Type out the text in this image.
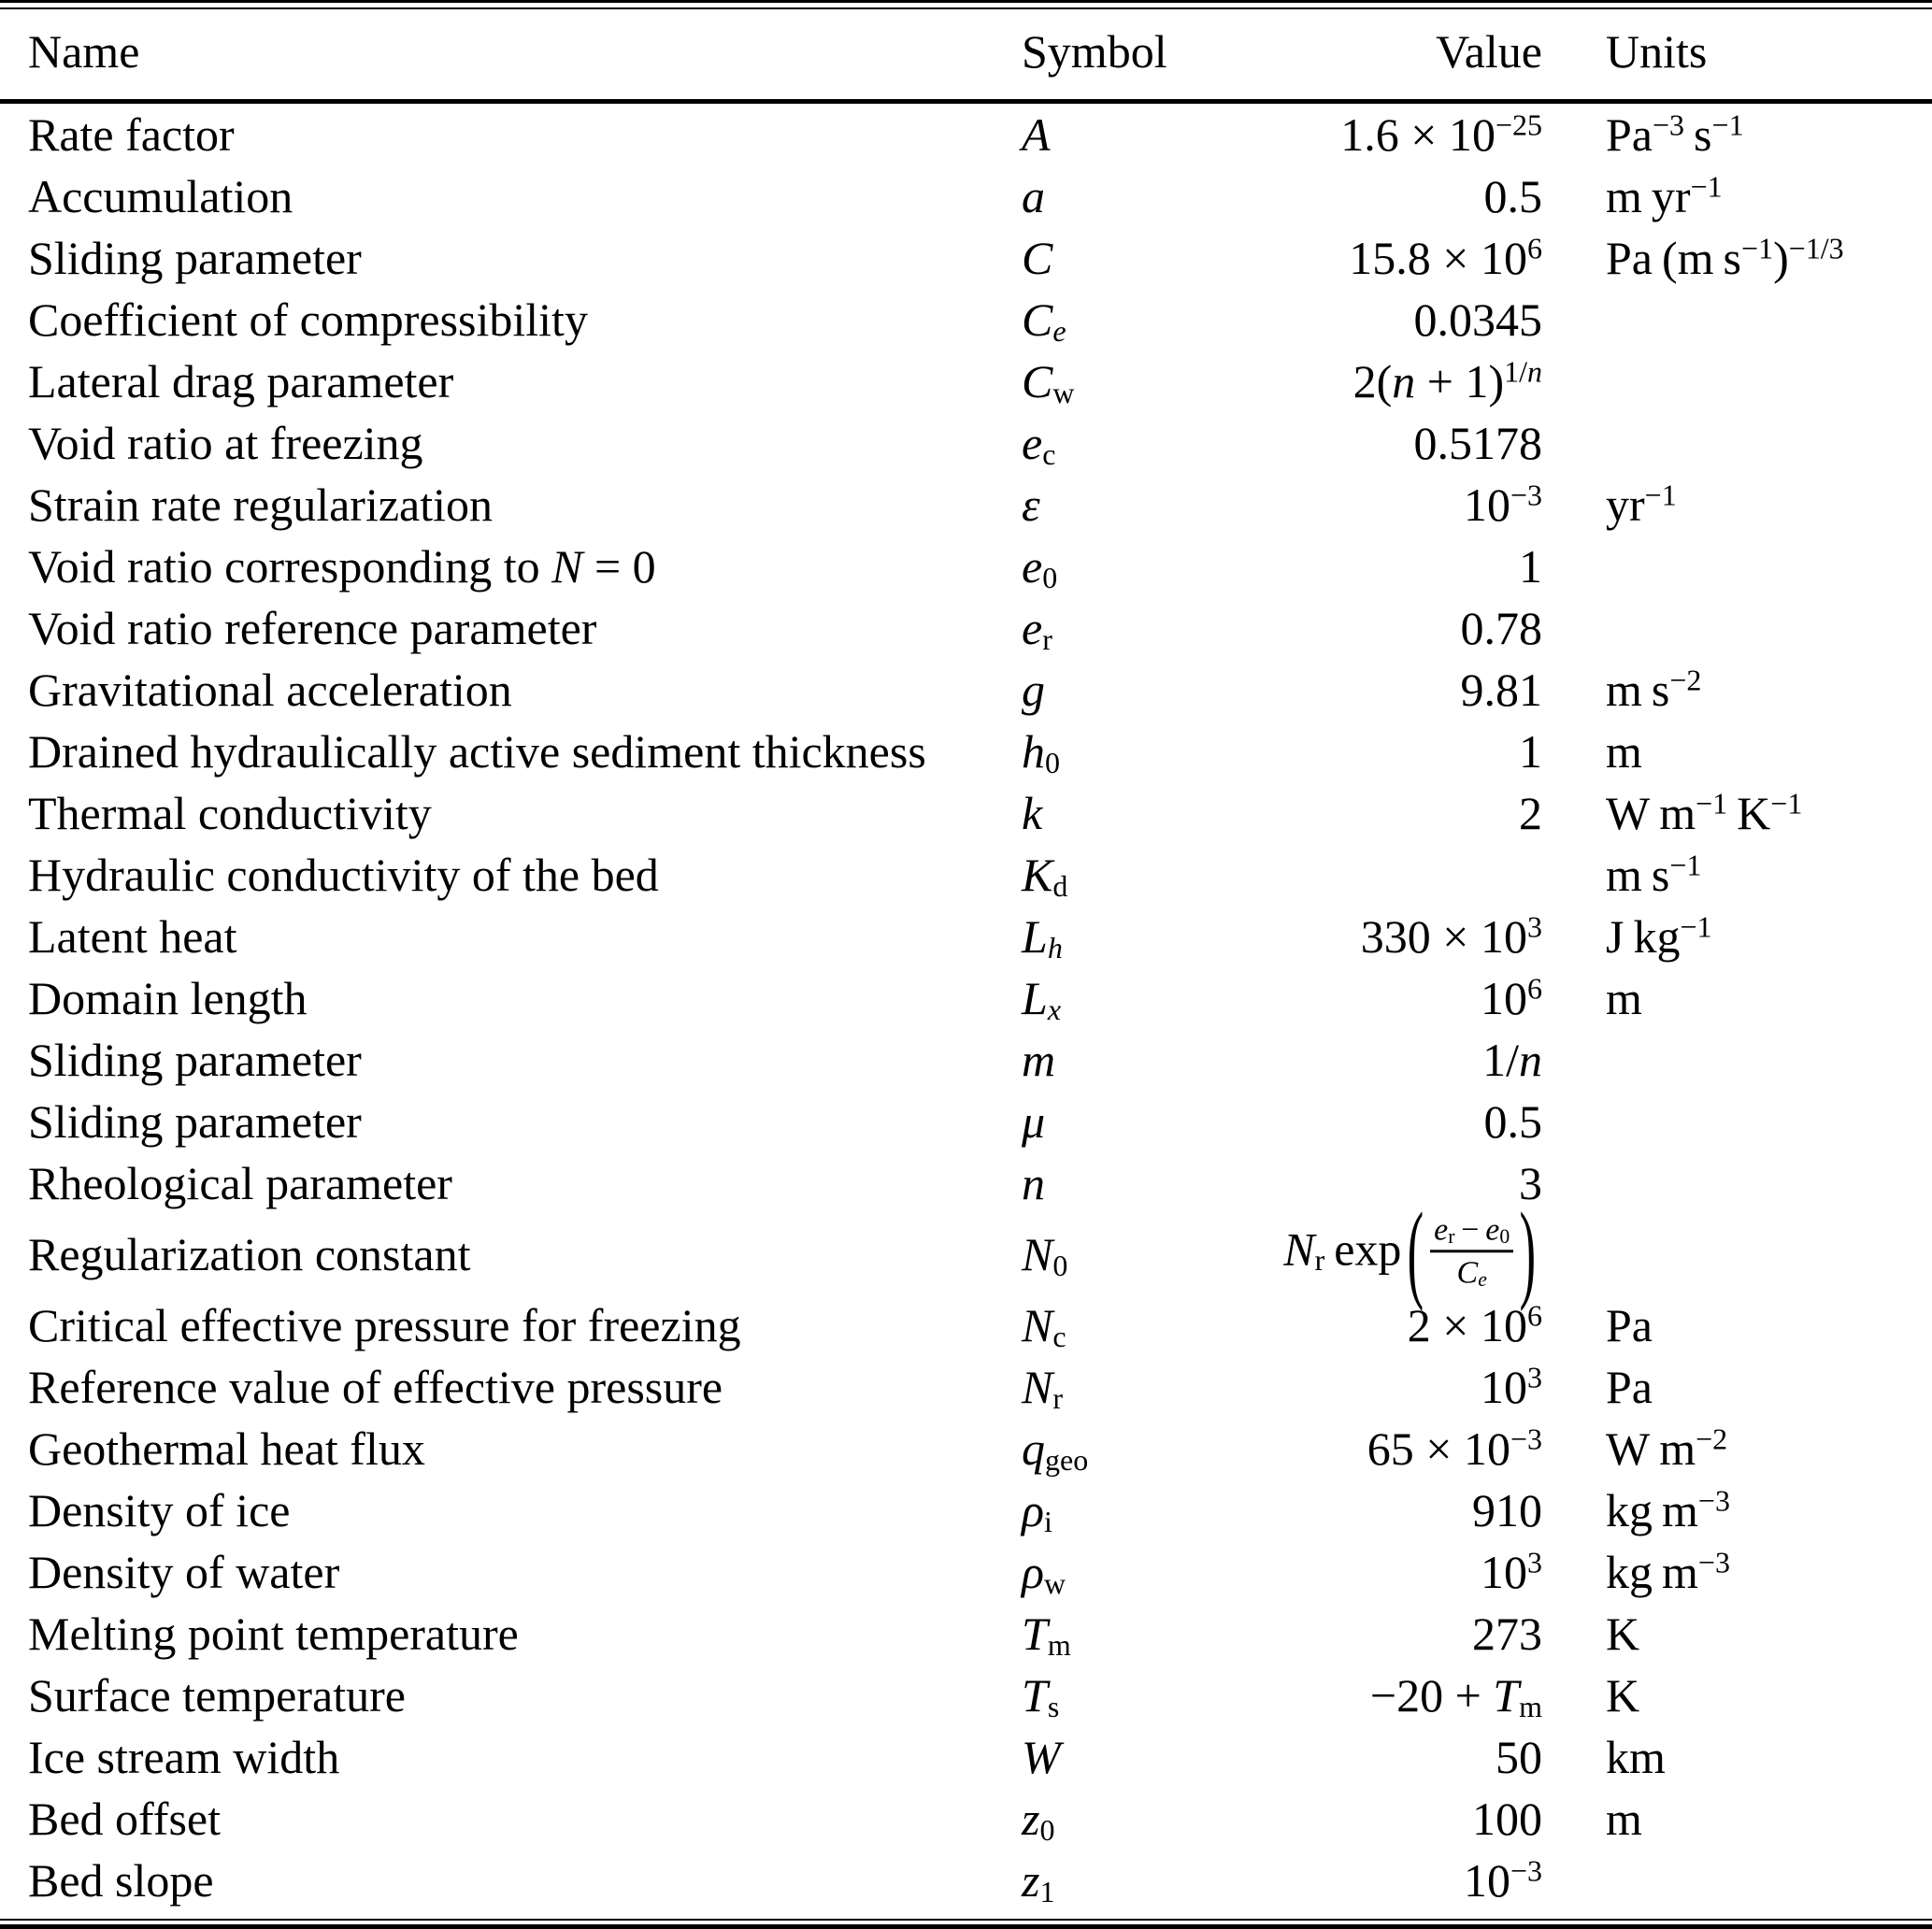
Name	Symbol	Value	Units
Rate factor	A	$1.6 \times 10^{-25}$	$Pa^{-3}$ $s^{-1}$
Accumulation	a	0.5	m $yr^{-1}$
Sliding parameter	C	$15.8 \times 10^6$	Pa (m $s^{-1})^{-1/3}$
Coefficient of compressibility	$C_e$	0.0345	
Lateral drag parameter	$C_w$	$2(n + 1)^{1/n}$	
Void ratio at freezing	$e_c$	0.5178	
Strain rate regularization	ε	$10^{-3}$	$yr^{-1}$
Void ratio corresponding to N = 0	$e_0$	1	
Void ratio reference parameter	$e_r$	0.78	
Gravitational acceleration	g	9.81	m $s^{-2}$
Drained hydraulically active sediment thickness	$h_0$	1	m
Thermal conductivity	k	2	W $m^{-1}$ $K^{-1}$
Hydraulic conductivity of the bed	$K_d$		m $s^{-1}$
Latent heat	$L_h$	$330 \times 10^3$	J $kg^{-1}$
Domain length	$L_x$	$10^6$	m
Sliding parameter	m	1/n	
Sliding parameter	μ	0.5	
Rheological parameter	n	3	
Regularization constant	$N_0$	$N_r$ exp ( $\frac{e_r - e_0}{C_e}$ )	
Critical effective pressure for freezing	$N_c$	$2 \times 10^6$	Pa
Reference value of effective pressure	$N_r$	$10^3$	Pa
Geothermal heat flux	$q_{geo}$	$65 \times 10^{-3}$	W $m^{-2}$
Density of ice	$\rho_i$	910	kg $m^{-3}$
Density of water	$\rho_w$	$10^3$	kg $m^{-3}$
Melting point temperature	$T_m$	273	K
Surface temperature	$T_s$	$-20 + T_m$	K
Ice stream width	W	50	km
Bed offset	$z_0$	100	m
Bed slope	$z_1$	$10^{-3}$	
